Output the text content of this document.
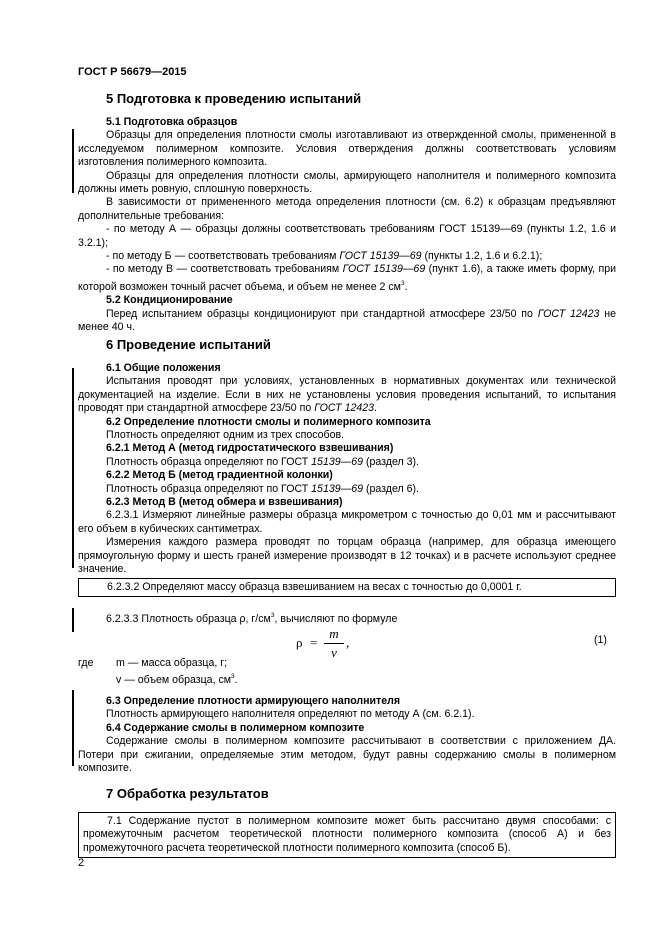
ГОСТ Р 56679—2015
5 Подготовка к проведению испытаний

5.1 Подготовка образцов

Образцы для определения плотности смолы изготавливают из отвержденной смолы, примененной в исследуемом полимерном композите. Условия отверждения должны соответствовать условиям изготовления полимерного композита.

Образцы для определения плотности смолы, армирующего наполнителя и полимерного композита должны иметь ровную, сплошную поверхность.

В зависимости от примененного метода определения плотности (см. 6.2) к образцам предъявляют дополнительные требования:

- по методу А — образцы должны соответствовать требованиям ГОСТ 15139—69 (пункты 1.2, 1.6 и 3.2.1);

- по методу Б — соответствовать требованиям ГОСТ 15139—69 (пункты 1.2, 1.6 и 6.2.1);

- по методу В — соответствовать требованиям ГОСТ 15139—69 (пункт 1.6), а также иметь форму, при которой возможен точный расчет объема, и объем не менее 2 $см^3$.

5.2 Кондиционирование

Перед испытанием образцы кондиционируют при стандартной атмосфере 23/50 по ГОСТ 12423 не менее 40 ч.

6 Проведение испытаний

6.1 Общие положения

Испытания проводят при условиях, установленных в нормативных документах или технической документацией на изделие. Если в них не установлены условия проведения испытаний, то испытания проводят при стандартной атмосфере 23/50 по ГОСТ 12423.

6.2 Определение плотности смолы и полимерного композита

Плотность определяют одним из трех способов.

6.2.1 Метод А (метод гидростатического взвешивания)

Плотность образца определяют по ГОСТ 15139—69 (раздел 3).

6.2.2 Метод Б (метод градиентной колонки)

Плотность образца определяют по ГОСТ 15139—69 (раздел 6).

6.2.3 Метод В (метод обмера и взвешивания)

6.2.3.1 Измеряют линейные размеры образца микрометром с точностью до 0,01 мм и рассчитывают его объем в кубических сантиметрах.

Измерения каждого размера проводят по торцам образца (например, для образца имеющего прямоугольную форму и шесть граней измерение производят в 12 точках) и в расчете используют среднее значение.

6.2.3.2 Определяют массу образца взвешиванием на весах с точностью до 0,0001 г.

6.2.3.3 Плотность образца ρ, $г/см^3$, вычисляют по формуле

$\rho = \frac{m}{v}$ ,	(1)
где m — масса образца, г;
v — объем образца, $см^3$.

6.3 Определение плотности армирующего наполнителя

Плотность армирующего наполнителя определяют по методу А (см. 6.2.1).

6.4 Содержание смолы в полимерном композите

Содержание смолы в полимерном композите рассчитывают в соответствии с приложением ДА. Потери при сжигании, определяемые этим методом, будут равны содержанию смолы в полимерном композите.

7 Обработка результатов

7.1 Содержание пустот в полимерном композите может быть рассчитано двумя способами: с промежуточным расчетом теоретической плотности полимерного композита (способ А) и без промежуточного расчета теоретической плотности полимерного композита (способ Б).

2
